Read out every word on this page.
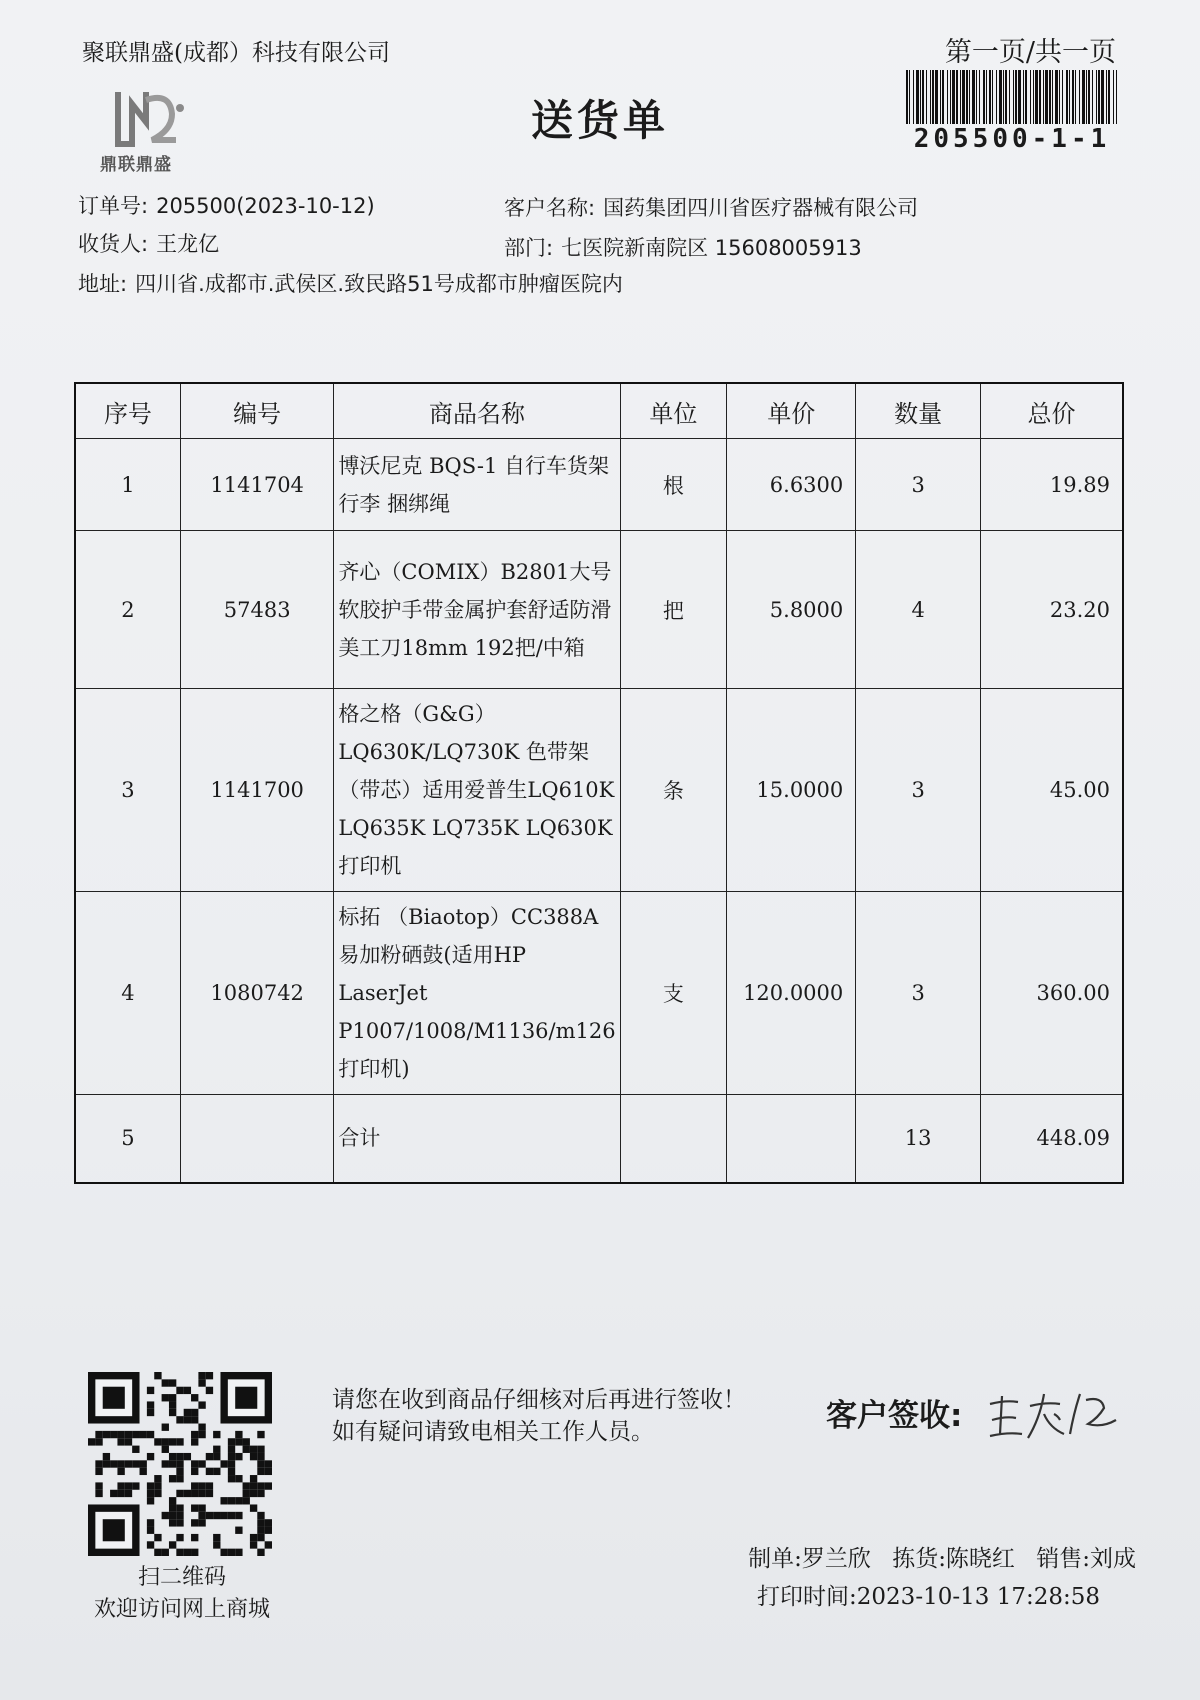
聚联鼎盛(成都）科技有限公司
鼎联鼎盛
送货单
第一页/共一页
205500-1-1
订单号: 205500(2023-10-12)
收货人: 王龙亿
地址: 四川省.成都市.武侯区.致民路51号成都市肿瘤医院内
客户名称: 国药集团四川省医疗器械有限公司
部门: 七医院新南院区 15608005913
序号	编号	商品名称	单位	单价	数量	总价
1	1141704	博沃尼克 BQS-1 自行车货架行李 捆绑绳	根	6.6300	3	19.89
2	57483	齐心（COMIX）B2801大号软胶护手带金属护套舒适防滑美工刀18mm 192把/中箱	把	5.8000	4	23.20
3	1141700	格之格（G&G）LQ630K/LQ730K 色带架（带芯）适用爱普生LQ610K LQ635K LQ735K LQ630K打印机	条	15.0000	3	45.00
4	1080742	标拓 （Biaotop）CC388A 易加粉硒鼓(适用HP LaserJet P1007/1008/M1136/m126打印机)	支	120.0000	3	360.00
5		合计			13	448.09
扫二维码
欢迎访问网上商城
请您在收到商品仔细核对后再进行签收！如有疑问请致电相关工作人员。	客户签收:
制单:罗兰欣 拣货:陈晓红 销售:刘成
打印时间:2023-10-13 17:28:58
